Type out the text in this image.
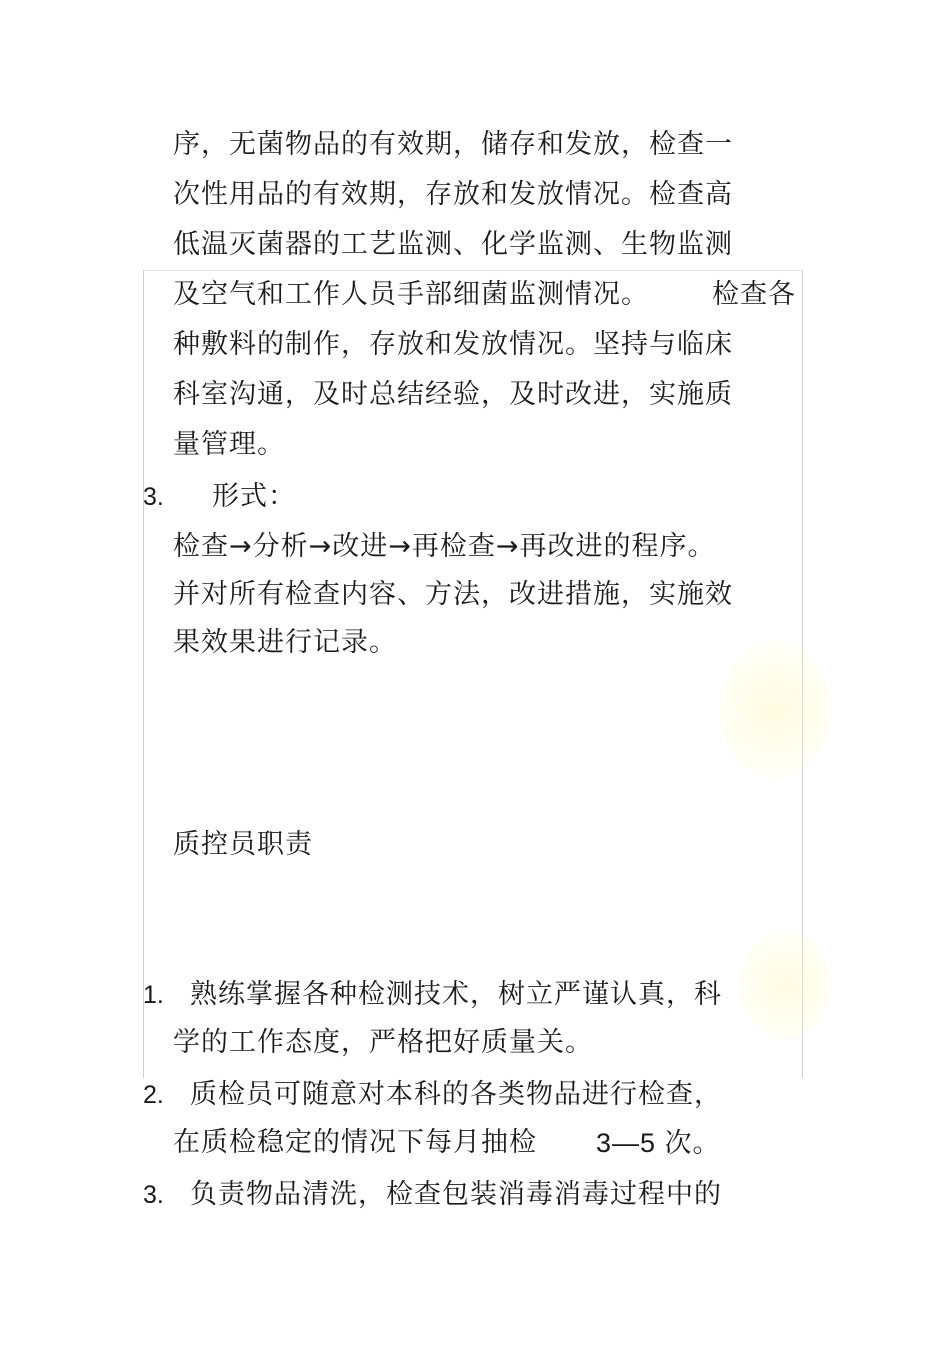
序，无菌物品的有效期，储存和发放，检查一
次性用品的有效期，存放和发放情况。检查高
低温灭菌器的工艺监测、化学监测、生物监测
及空气和工作人员手部细菌监测情况。 检查各
种敷料的制作，存放和发放情况。坚持与临床
科室沟通，及时总结经验，及时改进，实施质
量管理。
3. 形式：
检查→分析→改进→再检查→再改进的程序。
并对所有检查内容、方法，改进措施，实施效
果效果进行记录。
质控员职责
1. 熟练掌握各种检测技术，树立严谨认真，科
学的工作态度，严格把好质量关。
2. 质检员可随意对本科的各类物品进行检查，
在质检稳定的情况下每月抽检 3—5 次。
3. 负责物品清洗，检查包装消毒消毒过程中的
